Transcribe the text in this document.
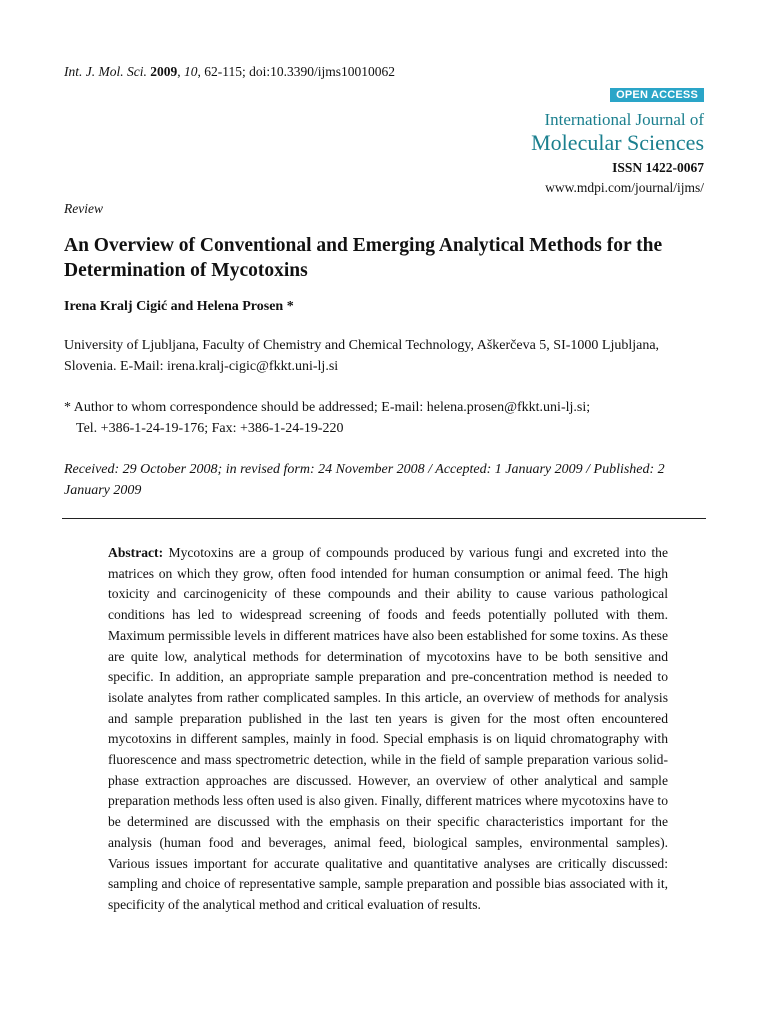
Int. J. Mol. Sci. 2009, 10, 62-115; doi:10.3390/ijms10010062
OPEN ACCESS
International Journal of
Molecular Sciences
ISSN 1422-0067
www.mdpi.com/journal/ijms/
Review
An Overview of Conventional and Emerging Analytical Methods for the Determination of Mycotoxins
Irena Kralj Cigić and Helena Prosen *
University of Ljubljana, Faculty of Chemistry and Chemical Technology, Aškerčeva 5, SI-1000 Ljubljana, Slovenia. E-Mail: irena.kralj-cigic@fkkt.uni-lj.si
* Author to whom correspondence should be addressed; E-mail: helena.prosen@fkkt.uni-lj.si;
Tel. +386-1-24-19-176; Fax: +386-1-24-19-220
Received: 29 October 2008; in revised form: 24 November 2008 / Accepted: 1 January 2009 / Published: 2 January 2009
Abstract: Mycotoxins are a group of compounds produced by various fungi and excreted into the matrices on which they grow, often food intended for human consumption or animal feed. The high toxicity and carcinogenicity of these compounds and their ability to cause various pathological conditions has led to widespread screening of foods and feeds potentially polluted with them. Maximum permissible levels in different matrices have also been established for some toxins. As these are quite low, analytical methods for determination of mycotoxins have to be both sensitive and specific. In addition, an appropriate sample preparation and pre-concentration method is needed to isolate analytes from rather complicated samples. In this article, an overview of methods for analysis and sample preparation published in the last ten years is given for the most often encountered mycotoxins in different samples, mainly in food. Special emphasis is on liquid chromatography with fluorescence and mass spectrometric detection, while in the field of sample preparation various solid-phase extraction approaches are discussed. However, an overview of other analytical and sample preparation methods less often used is also given. Finally, different matrices where mycotoxins have to be determined are discussed with the emphasis on their specific characteristics important for the analysis (human food and beverages, animal feed, biological samples, environmental samples). Various issues important for accurate qualitative and quantitative analyses are critically discussed: sampling and choice of representative sample, sample preparation and possible bias associated with it, specificity of the analytical method and critical evaluation of results.
